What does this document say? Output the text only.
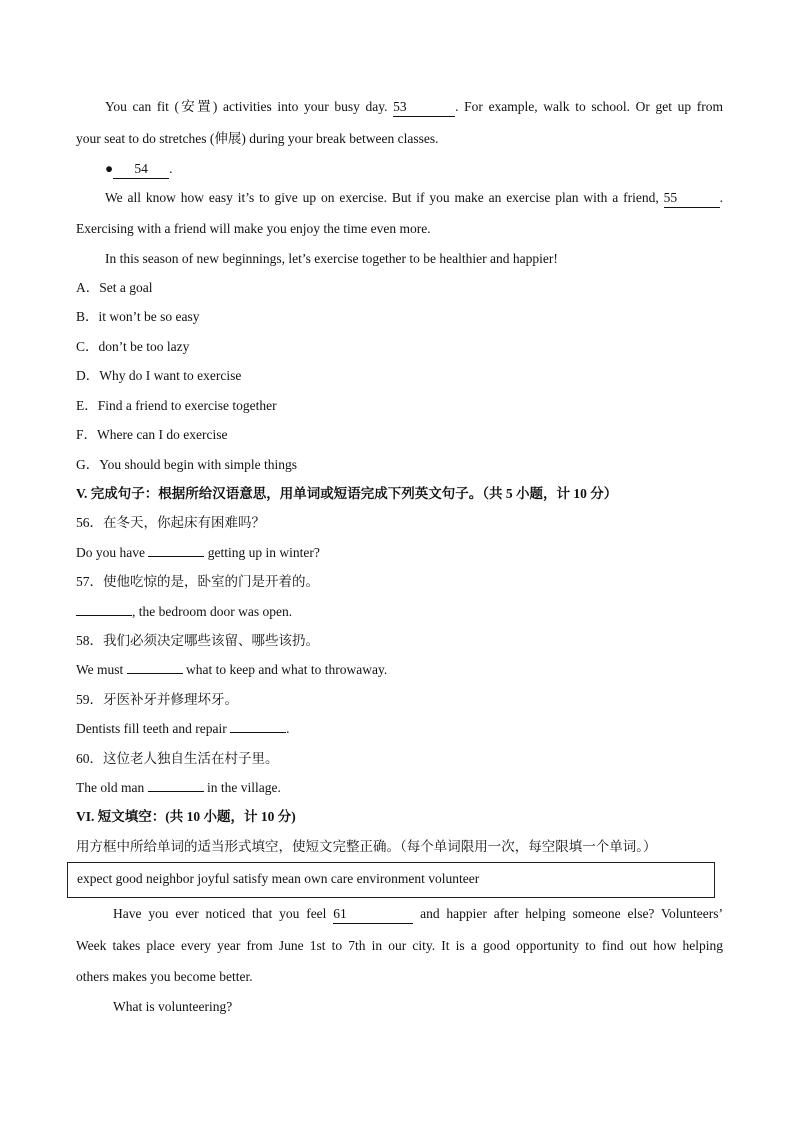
You can fit (安置) activities into your busy day. 53	. For example, walk to school. Or get up from
your seat to do stretches (伸展) during your break between classes.
● 54 .
We all know how easy it’s to give up on exercise. But if you make an exercise plan with a friend, 55	.
Exercising with a friend will make you enjoy the time even more.
In this season of new beginnings, let’s exercise together to be healthier and happier!
A．Set a goal
B．it won’t be so easy
C．don’t be too lazy
D．Why do I want to exercise
E．Find a friend to exercise together
F．Where can I do exercise
G．You should begin with simple things
V. 完成句子：根据所给汉语意思，用单词或短语完成下列英文句子。（共 5 小题，计 10 分）
56．在冬天，你起床有困难吗？
Do you have	getting up in winter?
57．使他吃惊的是，卧室的门是开着的。
, the bedroom door was open.
58．我们必须决定哪些该留、哪些该扔。
We must	what to keep and what to throwaway.
59．牙医补牙并修理坏牙。
Dentists fill teeth and repair	.
60．这位老人独自生活在村子里。
The old man	in the village.
VI. 短文填空：(共 10 小题，计 10 分)
用方框中所给单词的适当形式填空，使短文完整正确。（每个单词限用一次，每空限填一个单词。）
expect good neighbor joyful satisfy mean own care environment volunteer
Have you ever noticed that you feel 61	and happier after helping someone else? Volunteers’
Week takes place every year from June 1st to 7th in our city. It is a good opportunity to find out how helping
others makes you become better.
What is volunteering?
